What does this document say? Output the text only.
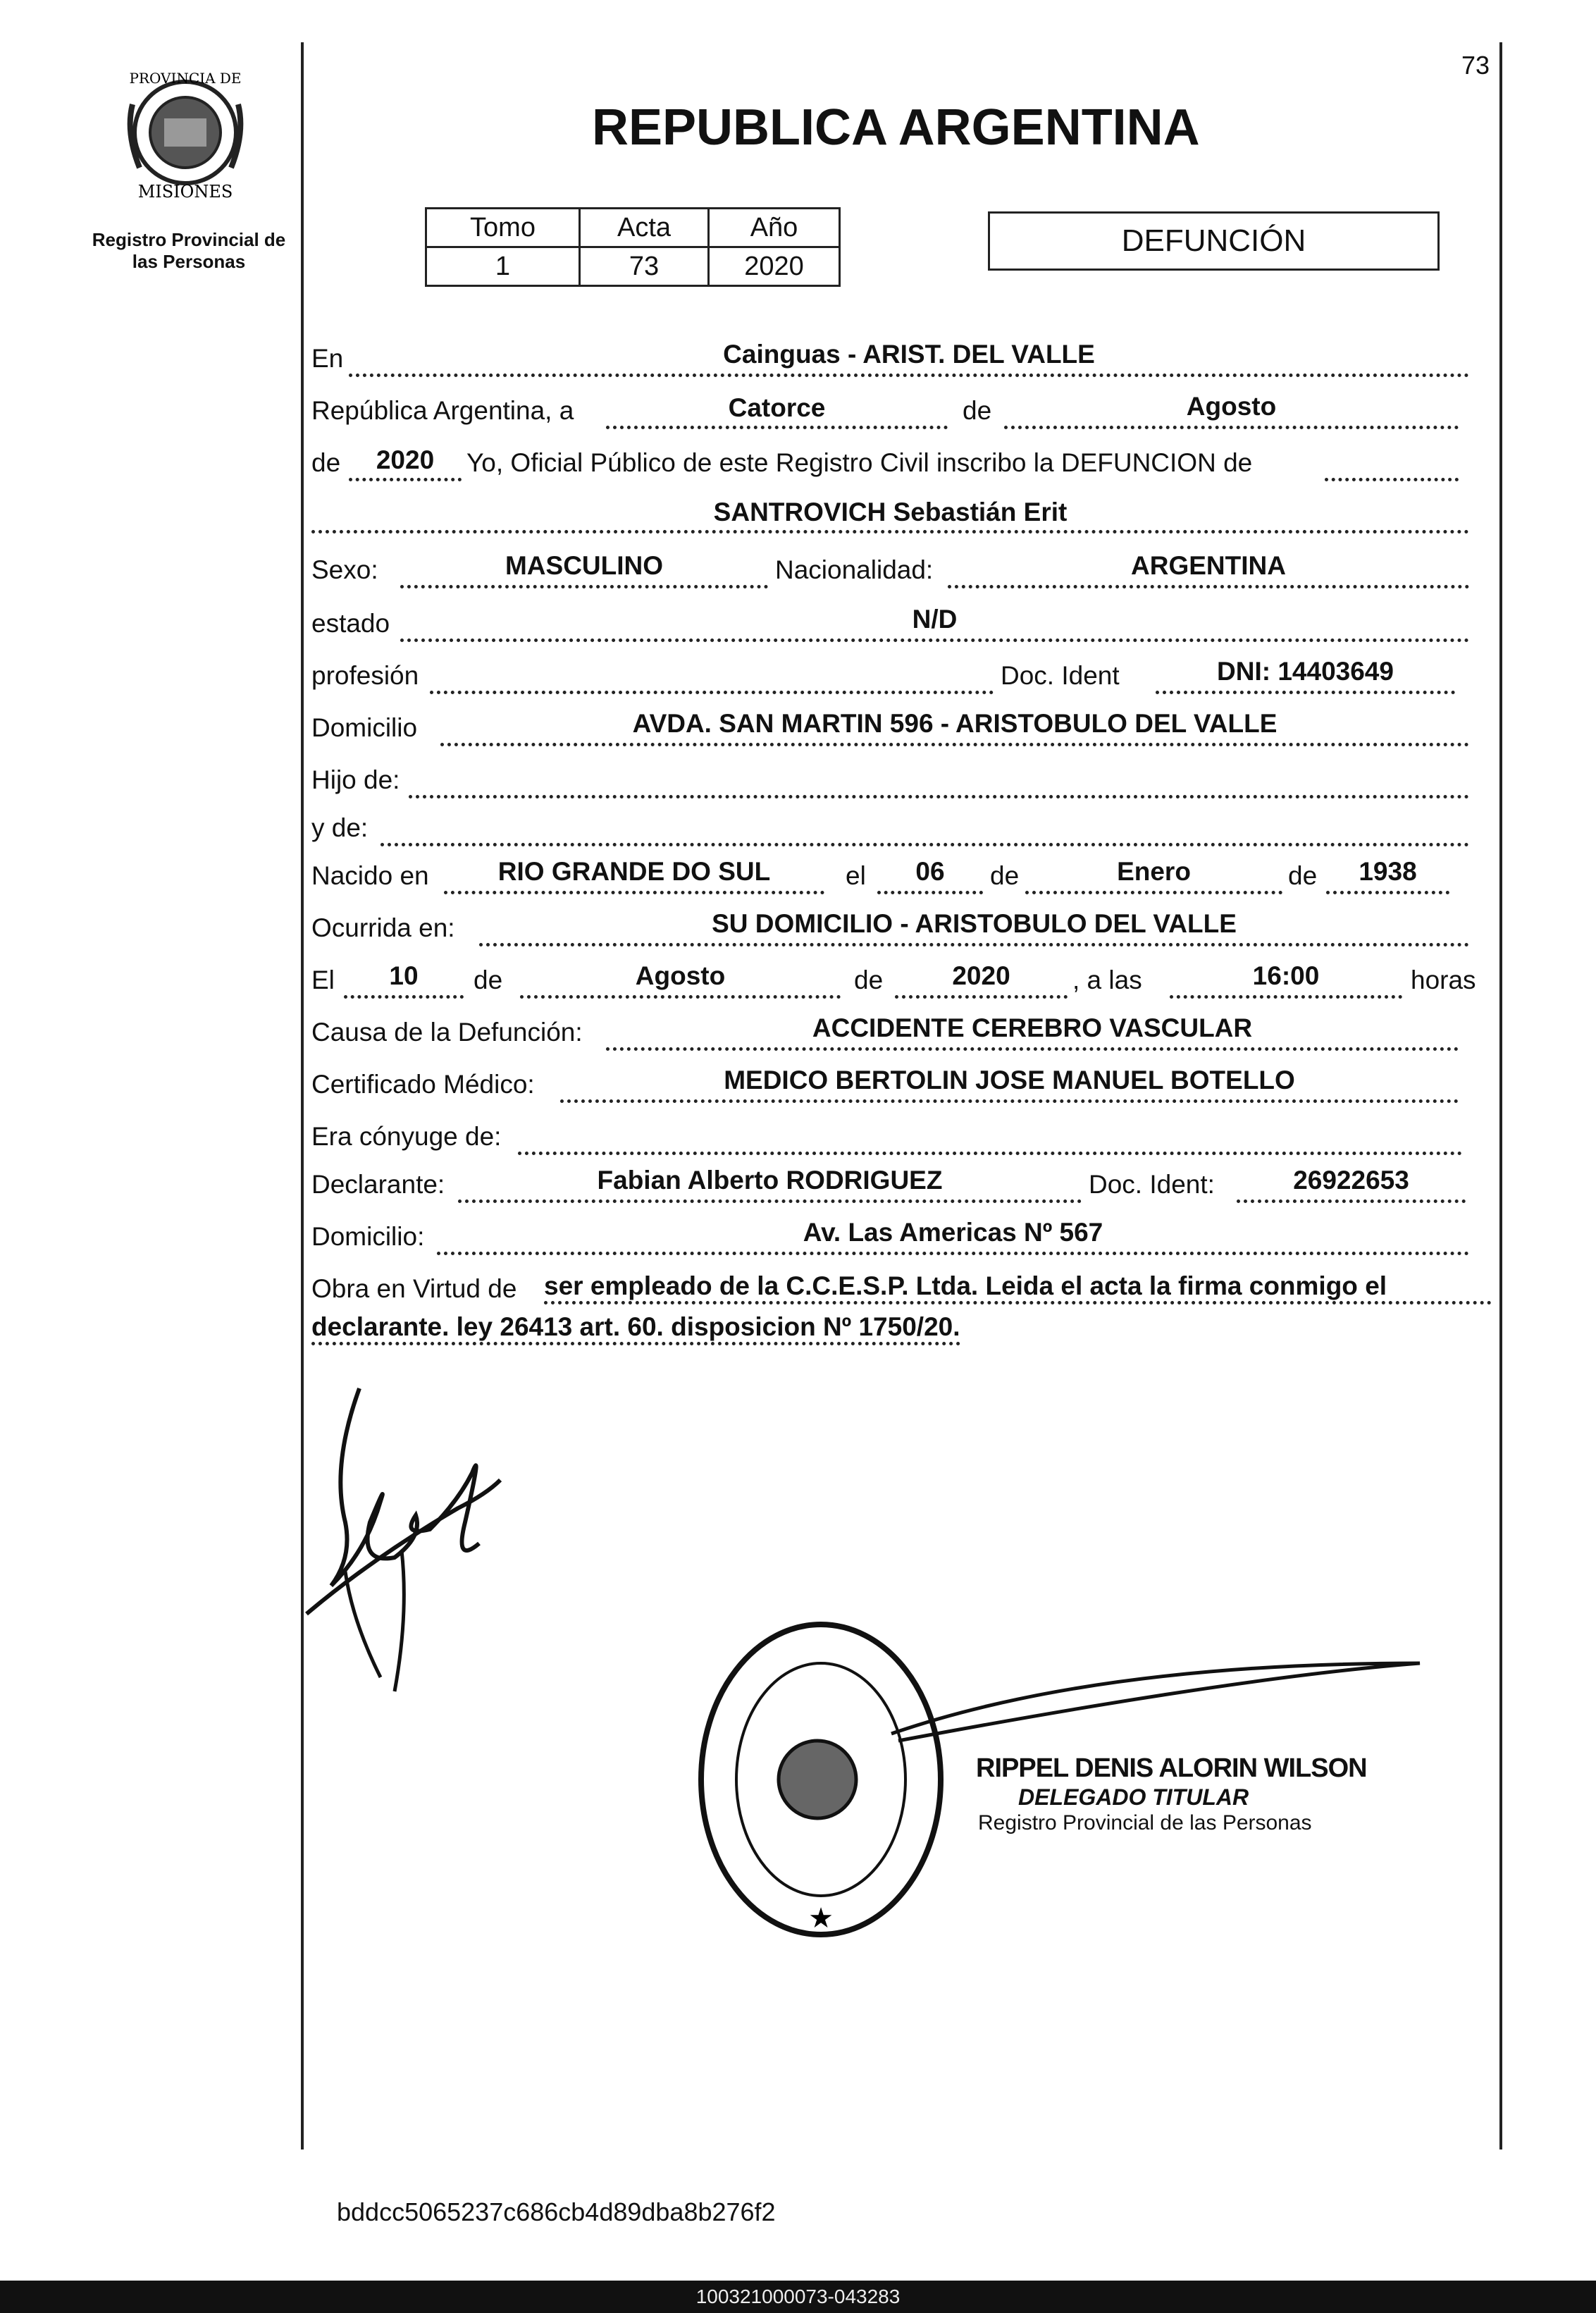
PROVINCIA DE
MISIONES
Registro Provincial de
las Personas
73
REPUBLICA ARGENTINA
Tomo	Acta	Año
1	73	2020
DEFUNCIÓN
En	Cainguas - ARIST. DEL VALLE
República Argentina, a	Catorce	de	Agosto
de	2020	Yo, Oficial Público de este Registro Civil inscribo la DEFUNCION de
SANTROVICH Sebastián Erit
Sexo:	MASCULINO	Nacionalidad:	ARGENTINA
estado	N/D
profesión	Doc. Ident	DNI: 14403649
Domicilio	AVDA. SAN MARTIN 596 - ARISTOBULO DEL VALLE
Hijo de:
y de:
Nacido en	RIO GRANDE DO SUL	el	06	de	Enero	de	1938
Ocurrida en:	SU DOMICILIO - ARISTOBULO DEL VALLE
El	10	de	Agosto	de	2020	, a las	16:00	horas
Causa de la Defunción:	ACCIDENTE CEREBRO VASCULAR
Certificado Médico:	MEDICO BERTOLIN JOSE MANUEL BOTELLO
Era cónyuge de:
Declarante:	Fabian Alberto RODRIGUEZ	Doc. Ident:	26922653
Domicilio:	Av. Las Americas Nº 567
Obra en Virtud de ser empleado de la C.C.E.S.P. Ltda. Leida el acta la firma conmigo el
declarante. ley 26413 art. 60. disposicion Nº 1750/20.
★
RIPPEL DENIS ALORIN WILSON
DELEGADO TITULAR
Registro Provincial de las Personas
bddcc5065237c686cb4d89dba8b276f2
100321000073-043283
